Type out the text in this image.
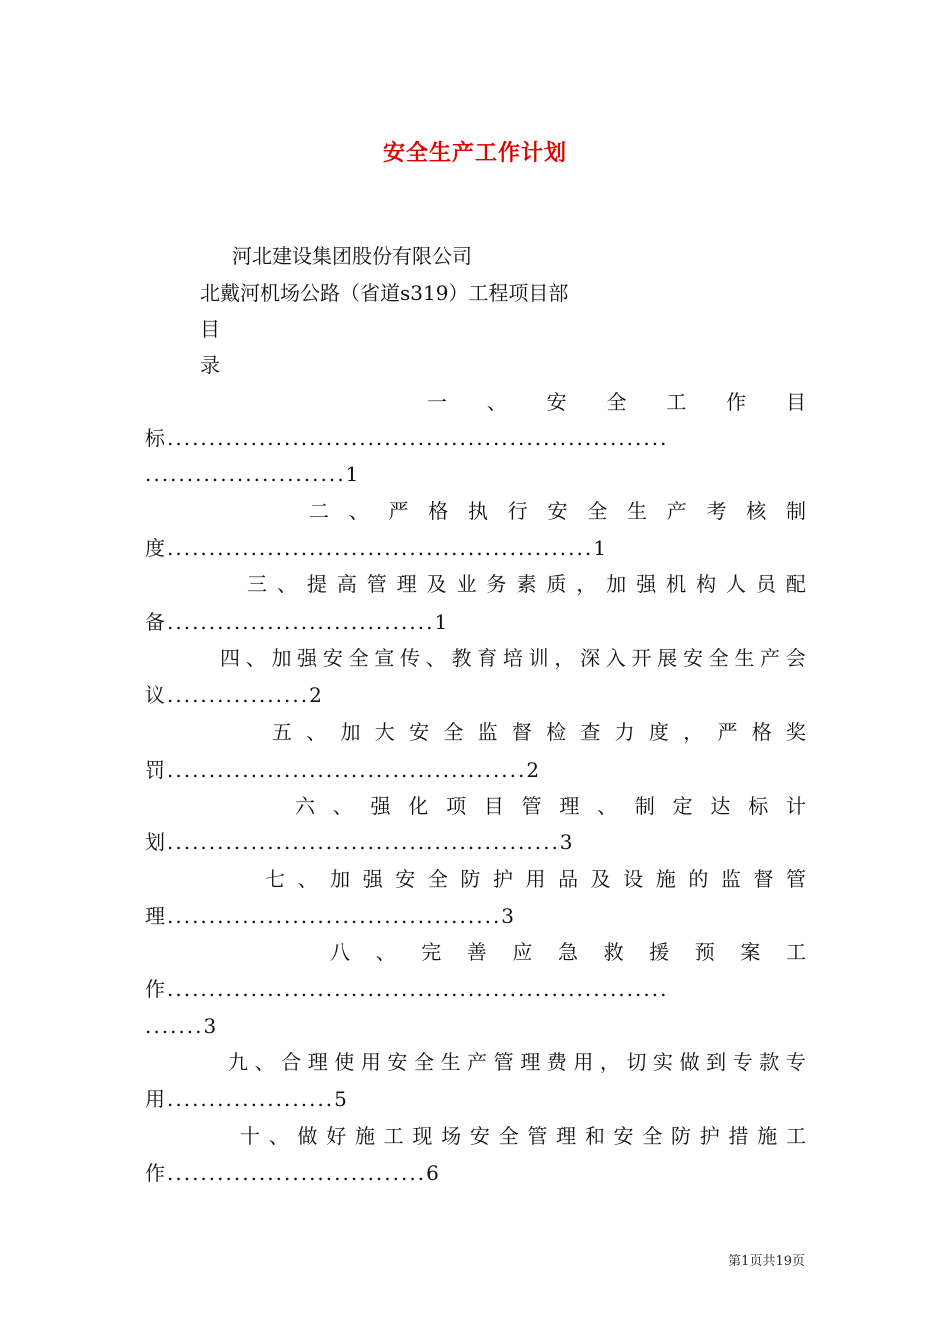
安全生产工作计划
河北建设集团股份有限公司
北戴河机场公路（省道s319）工程项目部
目
录
一 、 安 全 工 作 目
标............................................................
........................1
二 、 严 格 执 行 安 全 生 产 考 核 制
度...................................................1
三 、 提 高 管 理 及 业 务 素 质 ， 加 强 机 构 人 员 配
备................................1
四 、 加 强 安 全 宣 传 、 教 育 培 训 ， 深 入 开 展 安 全 生 产 会
议.................2
五 、 加 大 安 全 监 督 检 查 力 度 ， 严 格 奖
罚...........................................2
六 、 强 化 项 目 管 理 、 制 定 达 标 计
划...............................................3
七 、 加 强 安 全 防 护 用 品 及 设 施 的 监 督 管
理........................................3
八 、 完 善 应 急 救 援 预 案 工
作............................................................
.......3
九 、 合 理 使 用 安 全 生 产 管 理 费 用 ， 切 实 做 到 专 款 专
用....................5
十 、 做 好 施 工 现 场 安 全 管 理 和 安 全 防 护 措 施 工
作...............................6
第1页共19页
